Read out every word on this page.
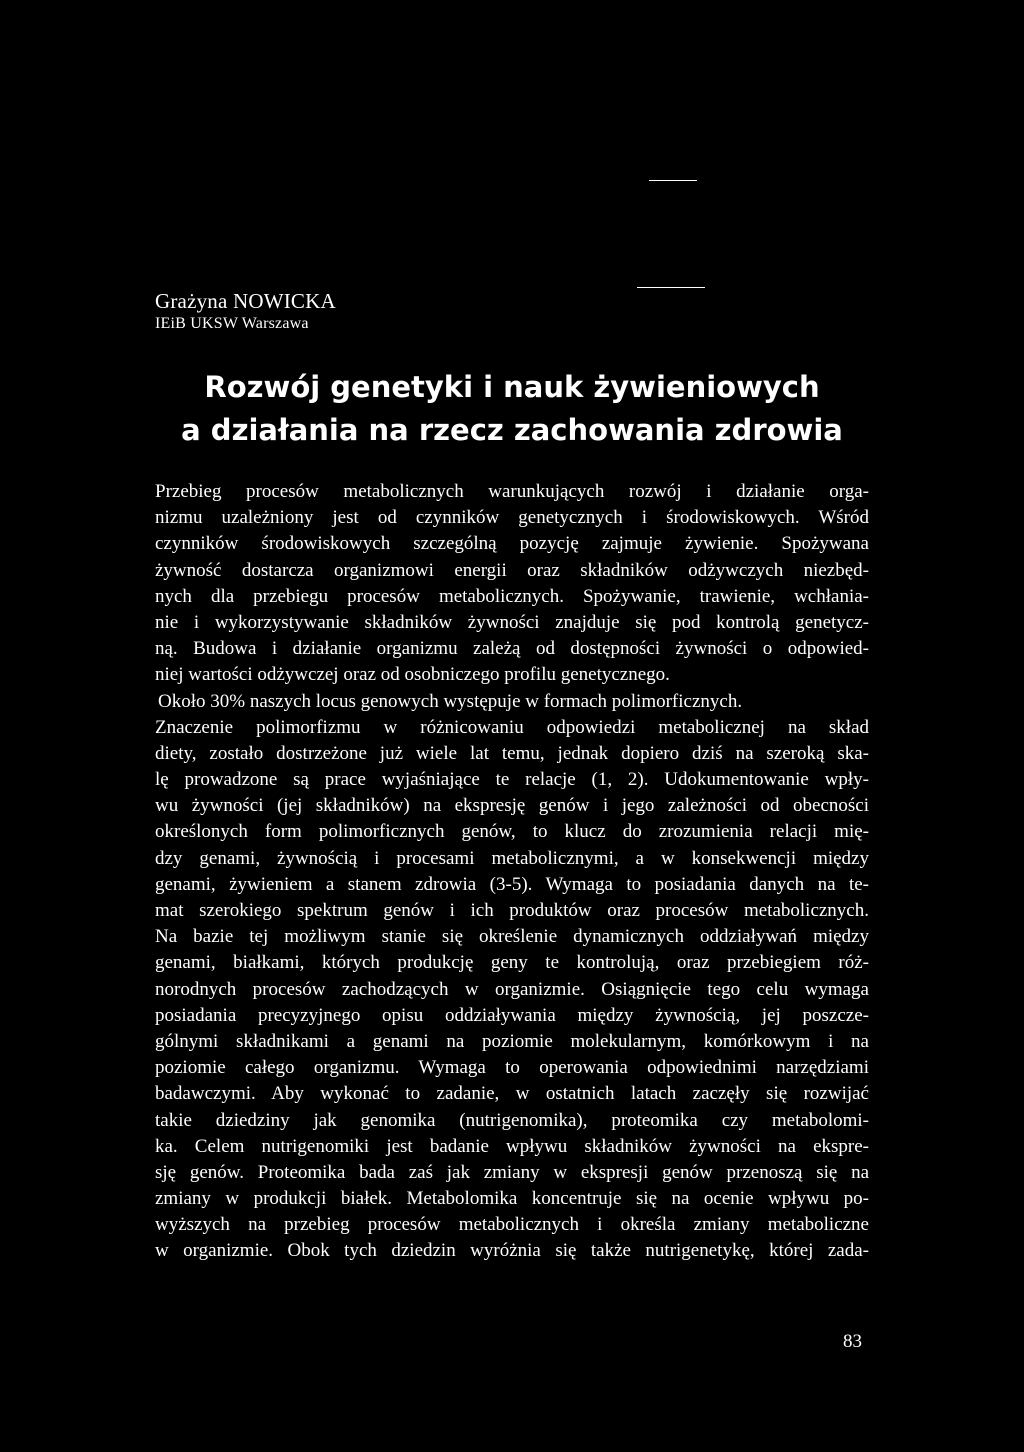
Grażyna NOWICKA
IEiB UKSW Warszawa
Rozwój genetyki i nauk żywieniowych
a działania na rzecz zachowania zdrowia
Przebieg procesów metabolicznych warunkujących rozwój i działanie orga-
nizmu uzależniony jest od czynników genetycznych i środowiskowych. Wśród
czynników środowiskowych szczególną pozycję zajmuje żywienie. Spożywana
żywność dostarcza organizmowi energii oraz składników odżywczych niezbęd-
nych dla przebiegu procesów metabolicznych. Spożywanie, trawienie, wchłania-
nie i wykorzystywanie składników żywności znajduje się pod kontrolą genetycz-
ną. Budowa i działanie organizmu zależą od dostępności żywności o odpowied-
niej wartości odżywczej oraz od osobniczego profilu genetycznego.
Około 30% naszych locus genowych występuje w formach polimorficznych.
Znaczenie polimorfizmu w różnicowaniu odpowiedzi metabolicznej na skład
diety, zostało dostrzeżone już wiele lat temu, jednak dopiero dziś na szeroką ska-
lę prowadzone są prace wyjaśniające te relacje (1, 2). Udokumentowanie wpły-
wu żywności (jej składników) na ekspresję genów i jego zależności od obecności
określonych form polimorficznych genów, to klucz do zrozumienia relacji mię-
dzy genami, żywnością i procesami metabolicznymi, a w konsekwencji między
genami, żywieniem a stanem zdrowia (3-5). Wymaga to posiadania danych na te-
mat szerokiego spektrum genów i ich produktów oraz procesów metabolicznych.
Na bazie tej możliwym stanie się określenie dynamicznych oddziaływań między
genami, białkami, których produkcję geny te kontrolują, oraz przebiegiem róż-
norodnych procesów zachodzących w organizmie. Osiągnięcie tego celu wymaga
posiadania precyzyjnego opisu oddziaływania między żywnością, jej poszcze-
gólnymi składnikami a genami na poziomie molekularnym, komórkowym i na
poziomie całego organizmu. Wymaga to operowania odpowiednimi narzędziami
badawczymi. Aby wykonać to zadanie, w ostatnich latach zaczęły się rozwijać
takie dziedziny jak genomika (nutrigenomika), proteomika czy metabolomi-
ka. Celem nutrigenomiki jest badanie wpływu składników żywności na ekspre-
sję genów. Proteomika bada zaś jak zmiany w ekspresji genów przenoszą się na
zmiany w produkcji białek. Metabolomika koncentruje się na ocenie wpływu po-
wyższych na przebieg procesów metabolicznych i określa zmiany metaboliczne
w organizmie. Obok tych dziedzin wyróżnia się także nutrigenetykę, której zada-
83
